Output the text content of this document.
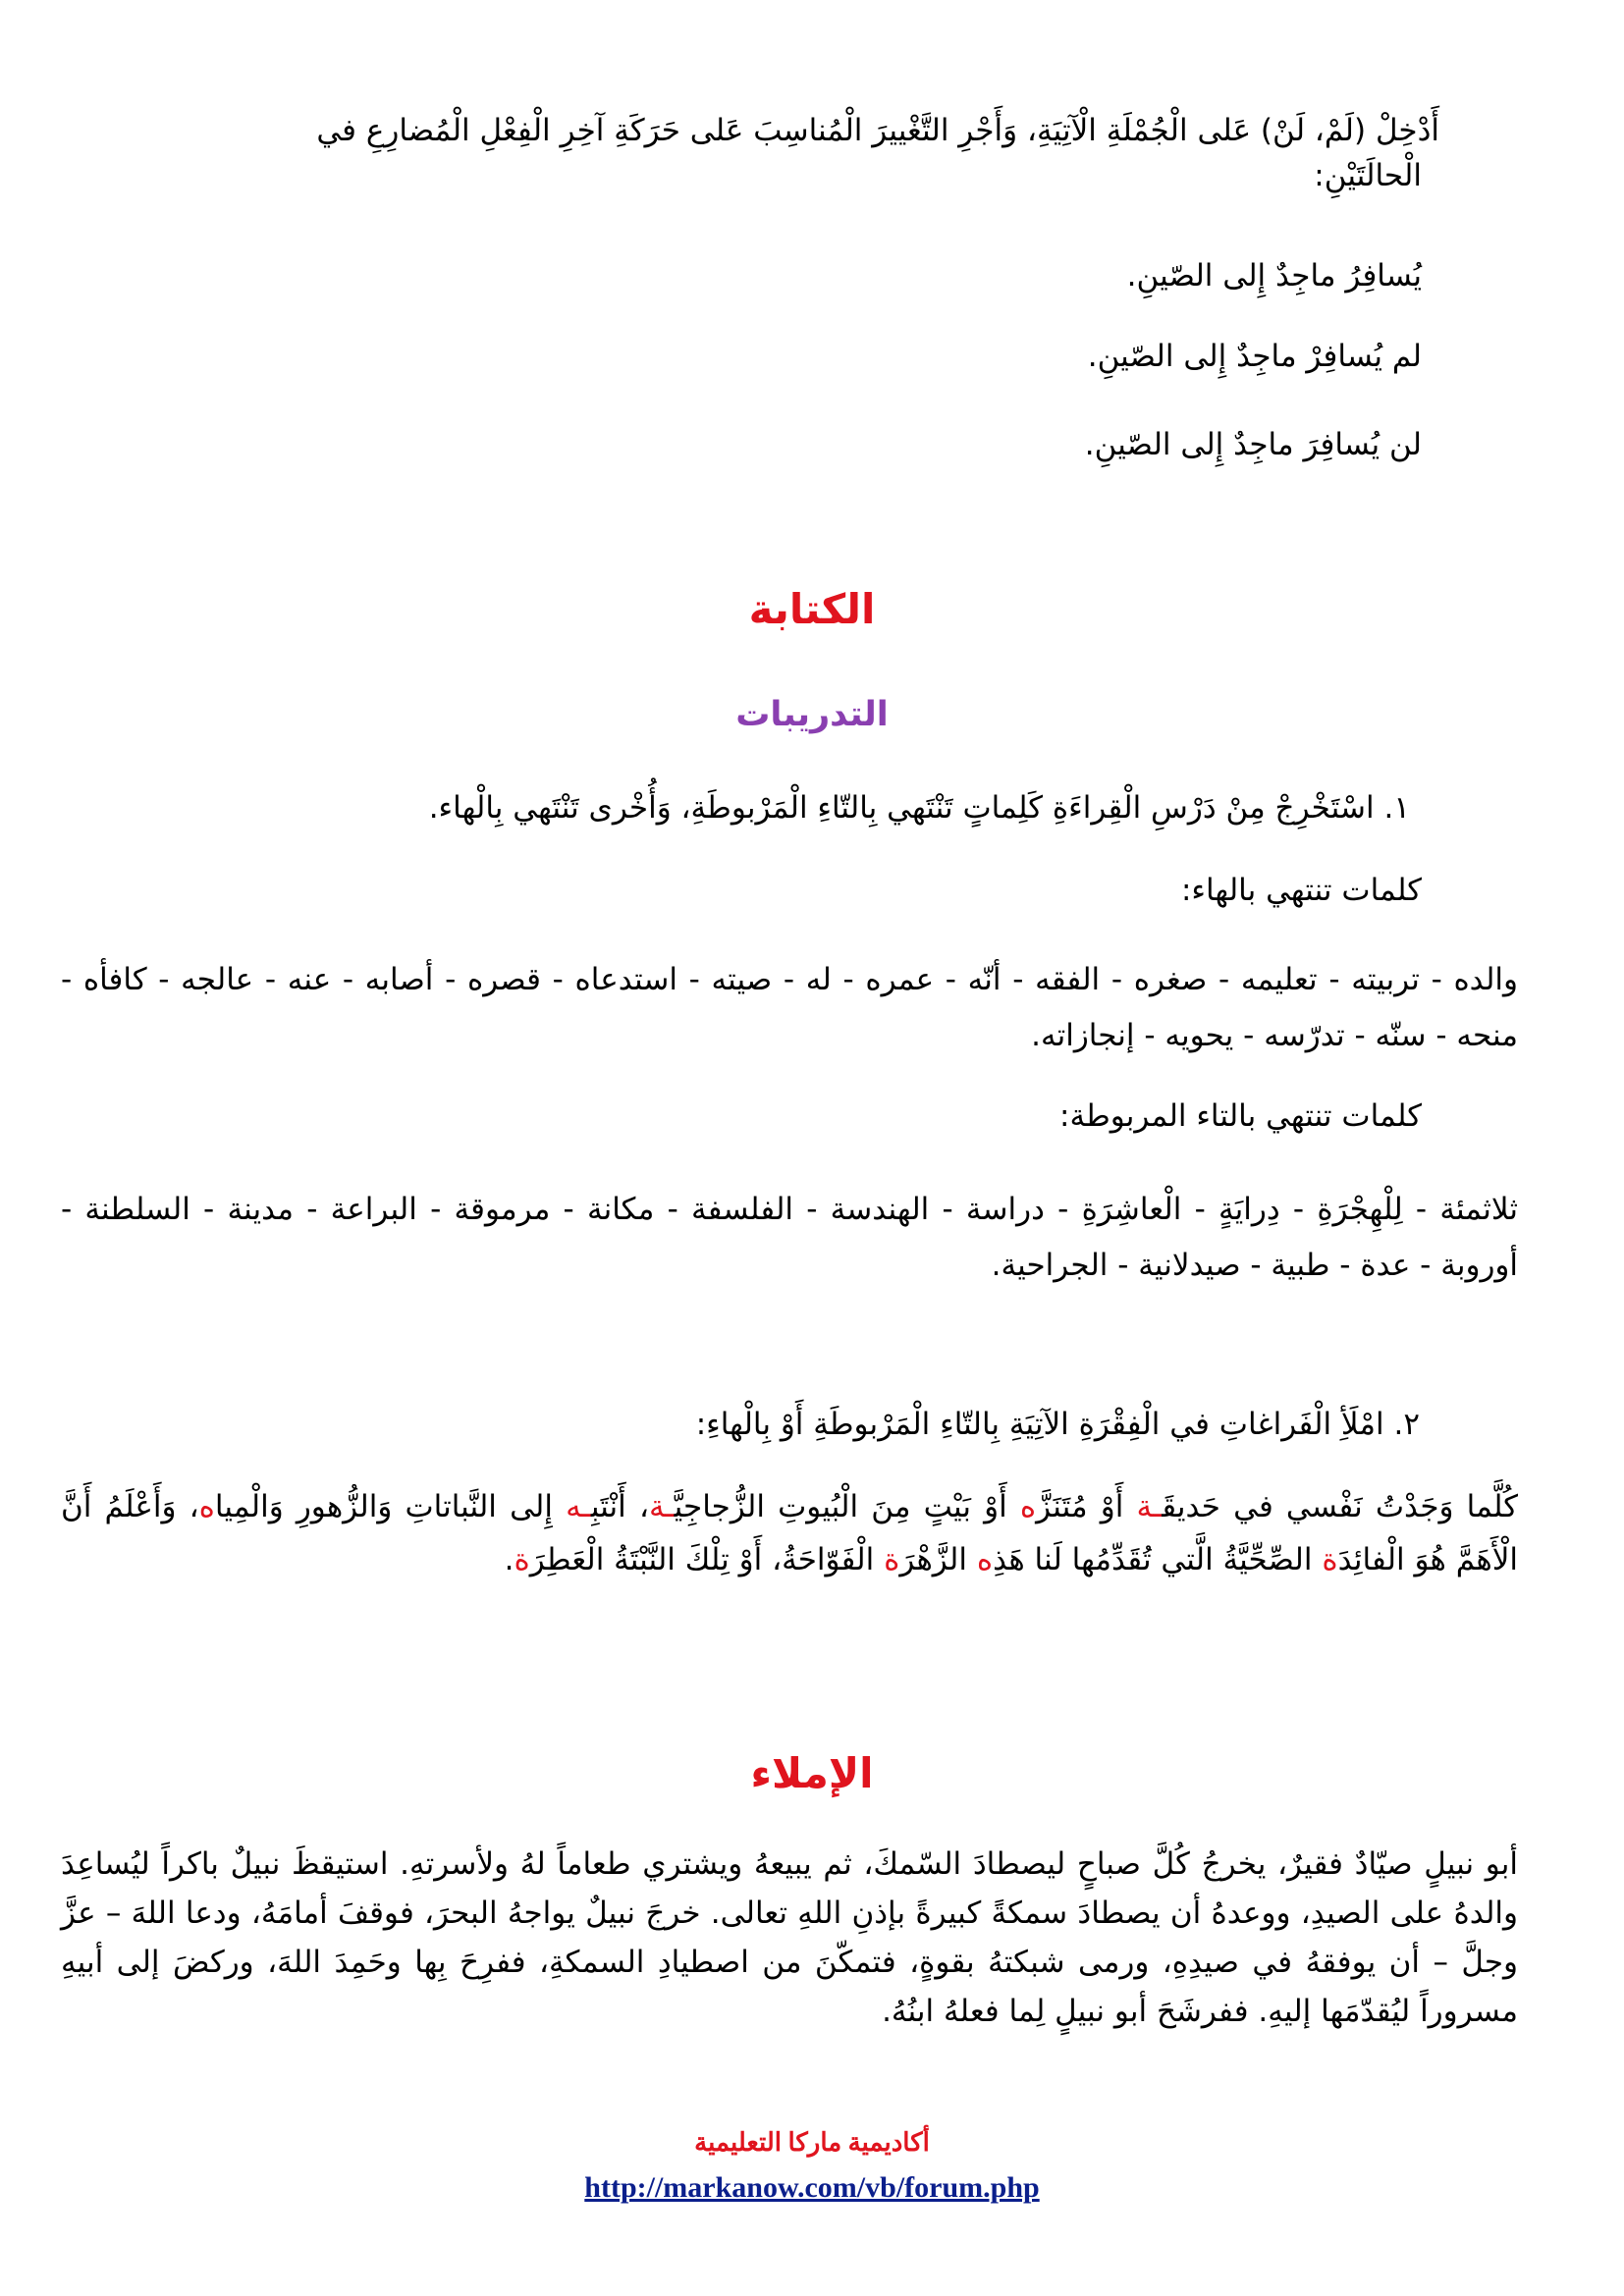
أَدْخِلْ (لَمْ، لَنْ) عَلى الْجُمْلَةِ الْآتِيَةِ، وَأَجْرِ التَّغْييرَ الْمُناسِبَ عَلى حَرَكَةِ آخِرِ الْفِعْلِ الْمُضارِعِ في
الْحالَتَيْنِ:
يُسافِرُ ماجِدٌ إِلى الصّينِ.
لم يُسافِرْ ماجِدٌ إِلى الصّينِ.
لن يُسافِرَ ماجِدٌ إِلى الصّينِ.
الكتابة
التدريبات
١. اسْتَخْرِجْ مِنْ دَرْسِ الْقِراءَةِ كَلِماتٍ تَنْتَهي بِالتّاءِ الْمَرْبوطَةِ، وَأُخْرى تَنْتَهي بِالْهاء.
كلمات تنتهي بالهاء:
والده - تربيته - تعليمه - صغره - الفقه - أنّه - عمره - له - صيته - استدعاه - قصره - أصابه - عنه - عالجه - كافأه - منحه - سنّه - تدرّسه - يحويه - إنجازاته.
كلمات تنتهي بالتاء المربوطة:
ثلاثمئة - لِلْهِجْرَةِ - دِرايَةٍ - الْعاشِرَةِ - دراسة - الهندسة - الفلسفة - مكانة - مرموقة - البراعة - مدينة - السلطنة - أوروبة - عدة - طبية - صيدلانية - الجراحية.
٢. امْلَأِ الْفَراغاتِ في الْفِقْرَةِ الآتِيَةِ بِالتّاءِ الْمَرْبوطَةِ أَوْ بِالْهاءِ:
كُلَّما وَجَدْتُ نَفْسي في حَديقَـة أَوْ مُتَنَزَّه أَوْ بَيْتٍ مِنَ الْبُيوتِ الزُّجاجِيَّـة، أَنْتَبِـه إِلى النَّباتاتِ وَالزُّهورِ وَالْمِياه، وَأَعْلَمُ أَنَّ الْأَهَمَّ هُوَ الْفائِدَة الصِّحِّيَّةُ الَّتي تُقَدِّمُها لَنا هَذِه الزَّهْرَة الْفَوّاحَةُ، أَوْ تِلْكَ النَّبْتَةُ الْعَطِرَة.
الإملاء
أبو نبيلٍ صيّادٌ فقيرٌ، يخرجُ كُلَّ صباحٍ ليصطادَ السّمكَ، ثم يبيعهُ ويشتري طعاماً لهُ ولأسرتهِ. استيقظَ نبيلٌ باكراً ليُساعِدَ والدهُ على الصيدِ، ووعدهُ أن يصطادَ سمكةً كبيرةً بإذنِ اللهِ تعالى. خرجَ نبيلٌ يواجهُ البحرَ، فوقفَ أمامَهُ، ودعا اللهَ – عزَّ وجلَّ – أن يوفقهُ في صيدِهِ، ورمى شبكتهُ بقوةٍ، فتمكّنَ من اصطيادِ السمكةِ، ففرِحَ بِها وحَمِدَ اللهَ، وركضَ إلى أبيهِ مسروراً ليُقدّمَها إليهِ. ففرشَحَ أبو نبيلٍ لِما فعلهُ ابنُهُ.
أكاديمية ماركا التعليمية
http://markanow.com/vb/forum.php
